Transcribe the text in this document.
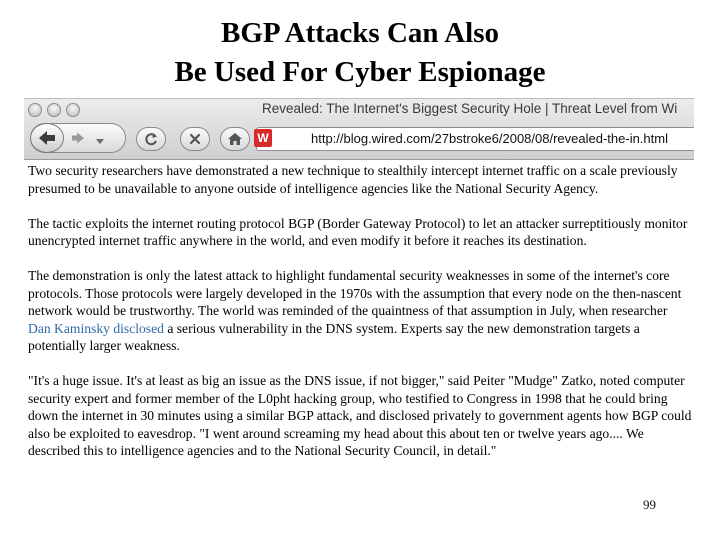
BGP Attacks Can Also
Be Used For Cyber Espionage
Revealed: The Internet's Biggest Security Hole | Threat Level from Wi
W	http://blog.wired.com/27bstroke6/2008/08/revealed-the-in.html

Two security researchers have demonstrated a new technique to stealthily intercept internet traffic on a scale previously presumed to be unavailable to anyone outside of intelligence agencies like the National Security Agency.

The tactic exploits the internet routing protocol BGP (Border Gateway Protocol) to let an attacker surreptitiously monitor unencrypted internet traffic anywhere in the world, and even modify it before it reaches its destination.

The demonstration is only the latest attack to highlight fundamental security weaknesses in some of the internet's core protocols. Those protocols were largely developed in the 1970s with the assumption that every node on the then-nascent network would be trustworthy. The world was reminded of the quaintness of that assumption in July, when researcher Dan Kaminsky disclosed a serious vulnerability in the DNS system. Experts say the new demonstration targets a potentially larger weakness.

"It's a huge issue. It's at least as big an issue as the DNS issue, if not bigger," said Peiter "Mudge" Zatko, noted computer security expert and former member of the L0pht hacking group, who testified to Congress in 1998 that he could bring down the internet in 30 minutes using a similar BGP attack, and disclosed privately to government agents how BGP could also be exploited to eavesdrop. "I went around screaming my head about this about ten or twelve years ago.... We described this to intelligence agencies and to the National Security Council, in detail."

99
